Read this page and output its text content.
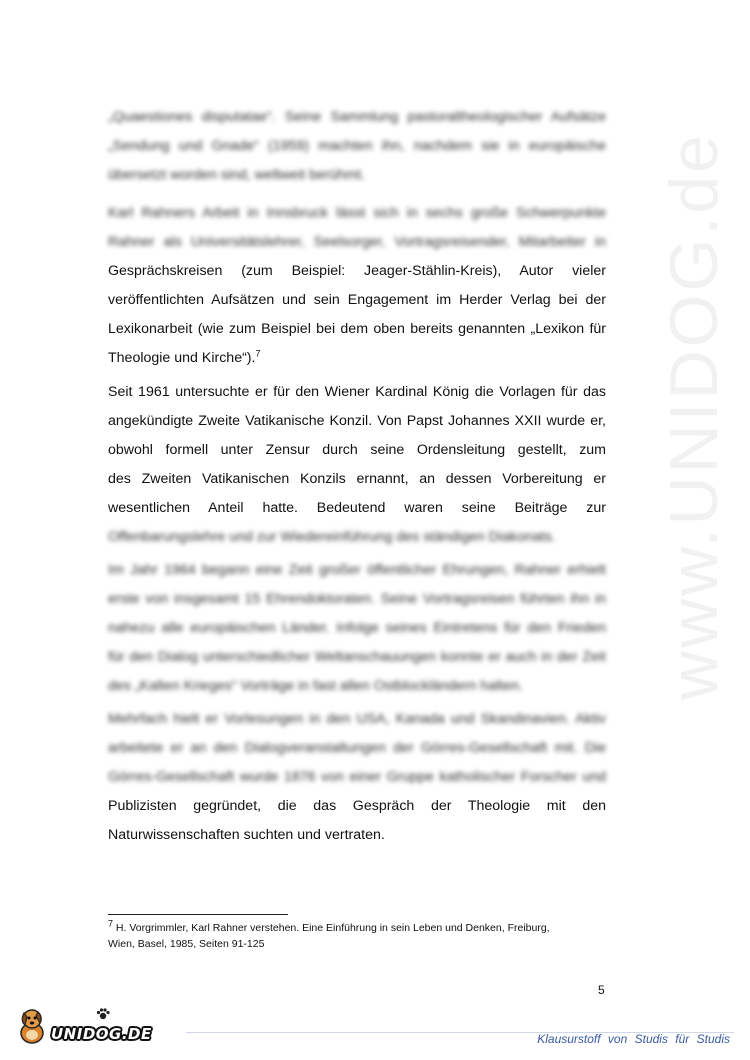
www.UNIDOG.de
„Quaestiones disputatae“. Seine Sammlung pastoraltheologischer Aufsätze
„Sendung und Gnade“ (1959) machten ihn, nachdem sie in europäische
übersetzt worden sind, weltweit berühmt.
Karl Rahners Arbeit in Innsbruck lässt sich in sechs große Schwerpunkte
Rahner als Universitätslehrer, Seelsorger, Vortragsreisender, Mitarbeiter in
Gesprächskreisen (zum Beispiel: Jeager-Stählin-Kreis), Autor vieler
veröffentlichten Aufsätzen und sein Engagement im Herder Verlag bei der
Lexikonarbeit (wie zum Beispiel bei dem oben bereits genannten „Lexikon für
Theologie und Kirche“).$^7$
Seit 1961 untersuchte er für den Wiener Kardinal König die Vorlagen für das
angekündigte Zweite Vatikanische Konzil. Von Papst Johannes XXII wurde er,
obwohl formell unter Zensur durch seine Ordensleitung gestellt, zum
des Zweiten Vatikanischen Konzils ernannt, an dessen Vorbereitung er
wesentlichen Anteil hatte. Bedeutend waren seine Beiträge zur
Offenbarungslehre und zur Wiedereinführung des ständigen Diakonats.
Im Jahr 1964 begann eine Zeit großer öffentlicher Ehrungen, Rahner erhielt
erste von insgesamt 15 Ehrendoktoraten. Seine Vortragsreisen führten ihn in
nahezu alle europäischen Länder. Infolge seines Eintretens für den Frieden
für den Dialog unterschiedlicher Weltanschauungen konnte er auch in der Zeit
des „Kalten Krieges“ Vorträge in fast allen Ostblockländern halten.
Mehrfach hielt er Vorlesungen in den USA, Kanada und Skandinavien. Aktiv
arbeitete er an den Dialogveranstaltungen der Görres-Gesellschaft mit. Die
Görres-Gesellschaft wurde 1876 von einer Gruppe katholischer Forscher und
Publizisten gegründet, die das Gespräch der Theologie mit den
Naturwissenschaften suchten und vertraten.
$^7$ H. Vorgrimmler, Karl Rahner verstehen. Eine Einführung in sein Leben und Denken, Freiburg,
Wien, Basel, 1985, Seiten 91-125
5
UNIDOG.DE	Klausurstoff von Studis für Studis
